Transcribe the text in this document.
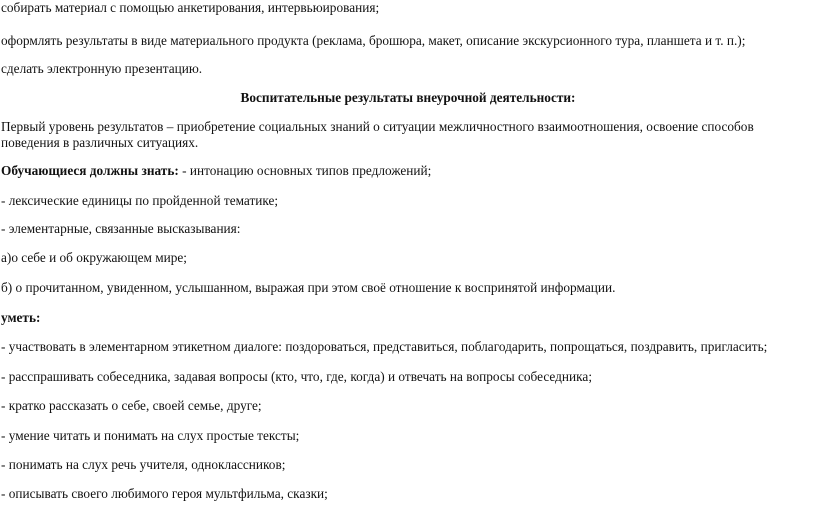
собирать материал с помощью анкетирования, интервьюирования;
оформлять результаты в виде материального продукта (реклама, брошюра, макет, описание экскурсионного тура, планшета и т. п.);
сделать электронную презентацию.
Воспитательные результаты внеурочной деятельности:
Первый уровень результатов – приобретение социальных знаний о ситуации межличностного взаимоотношения, освоение способов поведения в различных ситуациях.
Обучающиеся должны знать: - интонацию основных типов предложений;
- лексические единицы по пройденной тематике;
- элементарные, связанные высказывания:
а)о себе и об окружающем мире;
б) о прочитанном, увиденном, услышанном, выражая при этом своё отношение к воспринятой информации.
уметь:
- участвовать в элементарном этикетном диалоге: поздороваться, представиться, поблагодарить, попрощаться, поздравить, пригласить;
- расспрашивать собеседника, задавая вопросы (кто, что, где, когда) и отвечать на вопросы собеседника;
- кратко рассказать о себе, своей семье, друге;
- умение читать и понимать на слух простые тексты;
- понимать на слух речь учителя, одноклассников;
- описывать своего любимого героя мультфильма, сказки;
